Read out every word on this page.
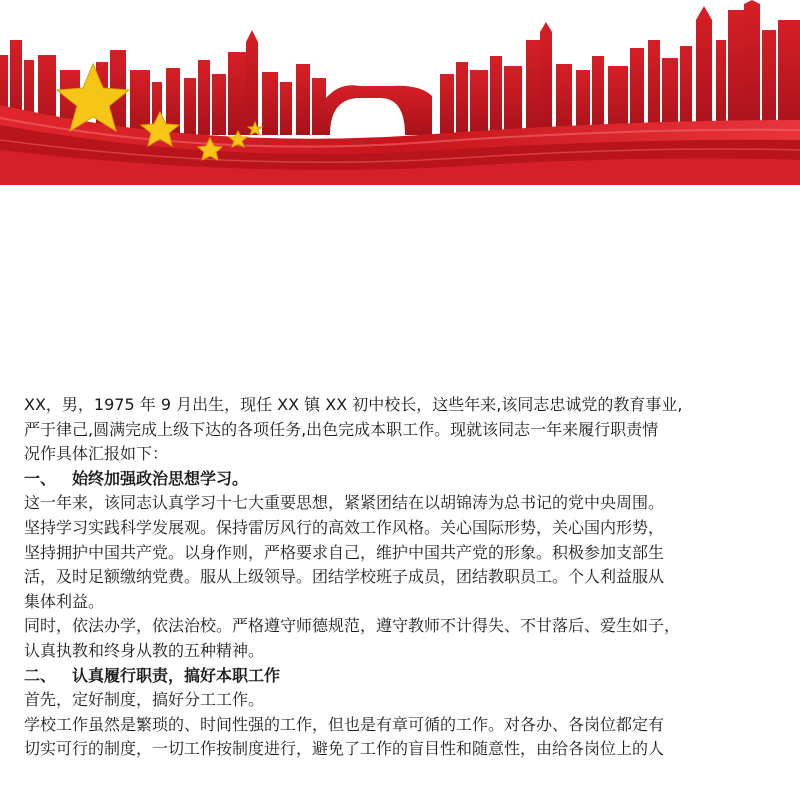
XX，男，1975 年 9 月出生，现任 XX 镇 XX 初中校长，这些年来,该同志忠诚党的教育事业,

严于律己,圆满完成上级下达的各项任务,出色完成本职工作。现就该同志一年来履行职责情

况作具体汇报如下：

一、 始终加强政治思想学习。

这一年来，该同志认真学习十七大重要思想，紧紧团结在以胡锦涛为总书记的党中央周围。

坚持学习实践科学发展观。保持雷厉风行的高效工作风格。关心国际形势，关心国内形势，

坚持拥护中国共产党。以身作则，严格要求自己，维护中国共产党的形象。积极参加支部生

活，及时足额缴纳党费。服从上级领导。团结学校班子成员，团结教职员工。个人利益服从

集体利益。

同时，依法办学，依法治校。严格遵守师德规范，遵守教师不计得失、不甘落后、爱生如子，

认真执教和终身从教的五种精神。

二、 认真履行职责，搞好本职工作

首先，定好制度，搞好分工工作。

学校工作虽然是繁琐的、时间性强的工作，但也是有章可循的工作。对各办、各岗位都定有

切实可行的制度，一切工作按制度进行，避免了工作的盲目性和随意性，由给各岗位上的人
